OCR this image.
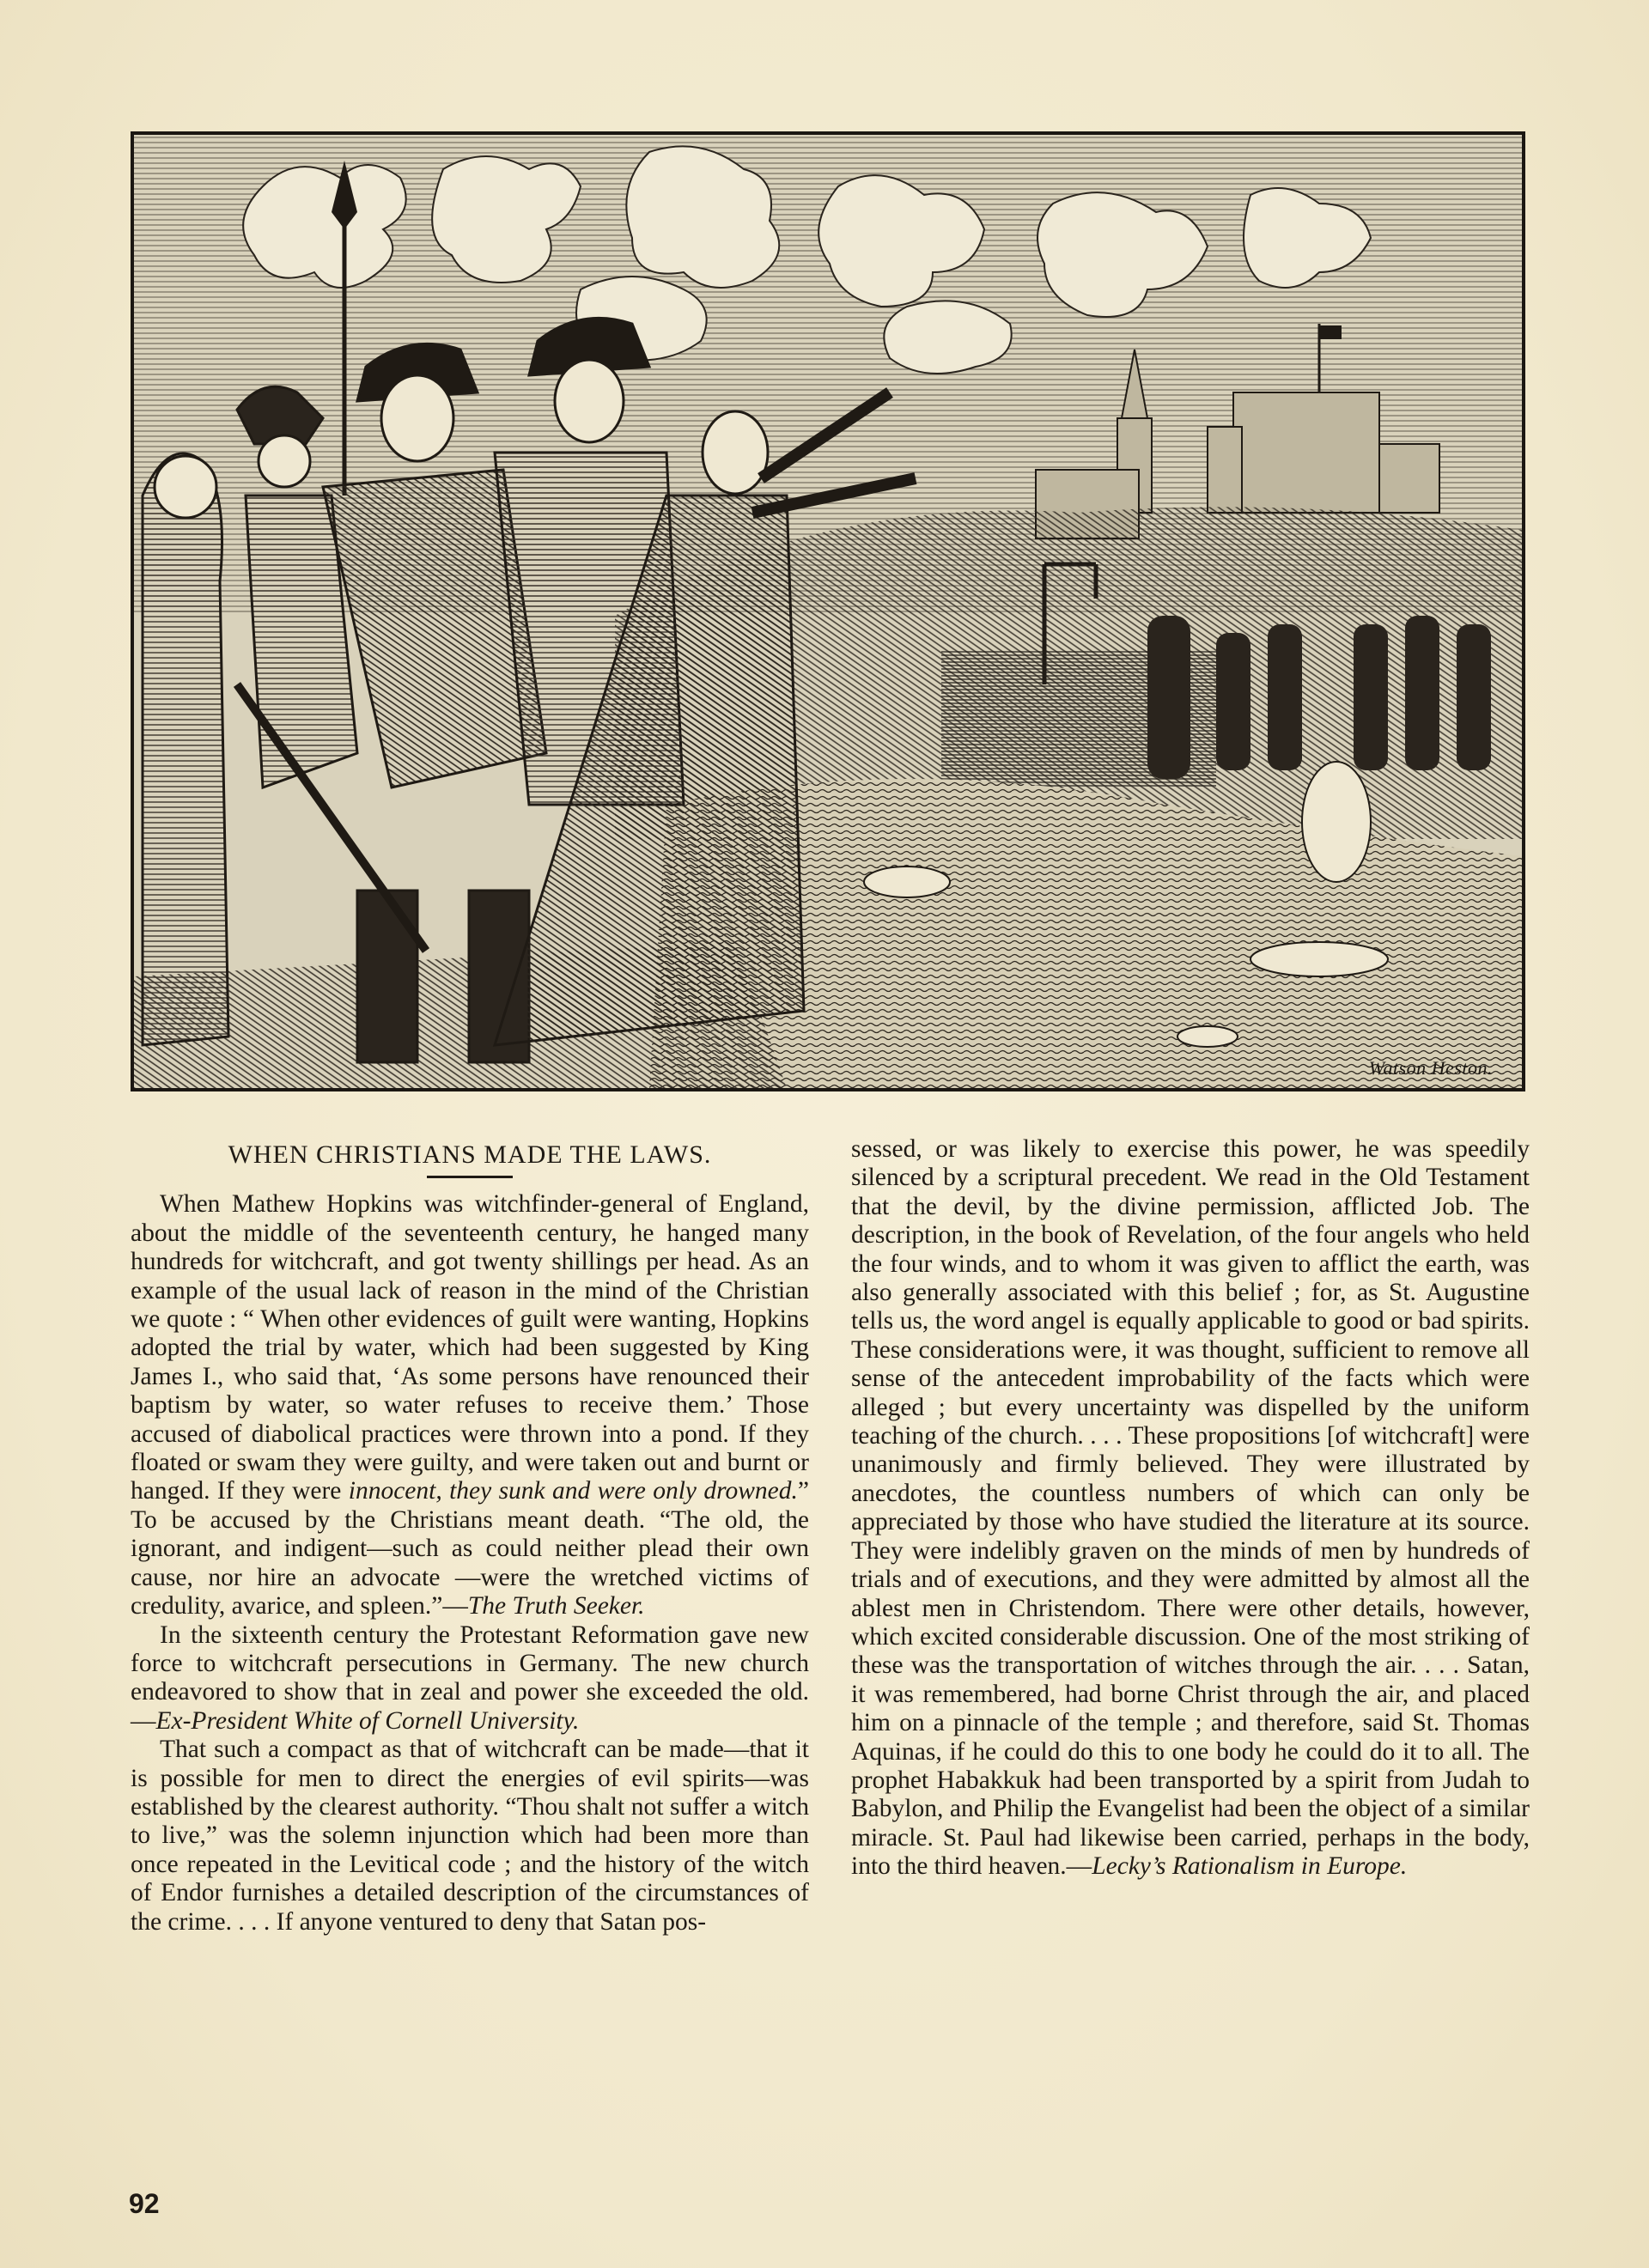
Watson Heston.
WHEN CHRISTIANS MADE THE LAWS.

When Mathew Hopkins was witchfinder-general of England, about the middle of the seventeenth century, he hanged many hundreds for witchcraft, and got twenty shillings per head. As an example of the usual lack of reason in the mind of the Christian we quote : “ When other evidences of guilt were wanting, Hopkins adopted the trial by water, which had been suggested by King James I., who said that, ‘As some persons have renounced their baptism by water, so water refuses to receive them.’ Those accused of diabolical practices were thrown into a pond. If they floated or swam they were guilty, and were taken out and burnt or hanged. If they were innocent, they sunk and were only drowned.” To be accused by the Christians meant death. “The old, the ignorant, and indigent—such as could neither plead their own cause, nor hire an advocate —were the wretched victims of credulity, avarice, and spleen.”—The Truth Seeker.

In the sixteenth century the Protestant Reformation gave new force to witchcraft persecutions in Germany. The new church endeavored to show that in zeal and power she exceeded the old.—Ex-President White of Cornell University.

That such a compact as that of witchcraft can be made—that it is possible for men to direct the energies of evil spirits—was established by the clearest authority. “Thou shalt not suffer a witch to live,” was the solemn injunction which had been more than once repeated in the Levitical code ; and the history of the witch of Endor furnishes a detailed description of the circumstances of the crime. . . . If anyone ventured to deny that Satan pos-

sessed, or was likely to exercise this power, he was speedily silenced by a scriptural precedent. We read in the Old Testament that the devil, by the divine permission, afflicted Job. The description, in the book of Revelation, of the four angels who held the four winds, and to whom it was given to afflict the earth, was also generally associated with this belief ; for, as St. Augustine tells us, the word angel is equally applicable to good or bad spirits. These considerations were, it was thought, sufficient to remove all sense of the antecedent improbability of the facts which were alleged ; but every uncertainty was dispelled by the uniform teaching of the church. . . . These propositions [of witchcraft] were unanimously and firmly believed. They were illustrated by anecdotes, the countless numbers of which can only be appreciated by those who have studied the literature at its source. They were indelibly graven on the minds of men by hundreds of trials and of executions, and they were admitted by almost all the ablest men in Christendom. There were other details, however, which excited considerable discussion. One of the most striking of these was the transportation of witches through the air. . . . Satan, it was remembered, had borne Christ through the air, and placed him on a pinnacle of the temple ; and therefore, said St. Thomas Aquinas, if he could do this to one body he could do it to all. The prophet Habakkuk had been transported by a spirit from Judah to Babylon, and Philip the Evangelist had been the object of a similar miracle. St. Paul had likewise been carried, perhaps in the body, into the third heaven.—Lecky’s Rationalism in Europe.

92
